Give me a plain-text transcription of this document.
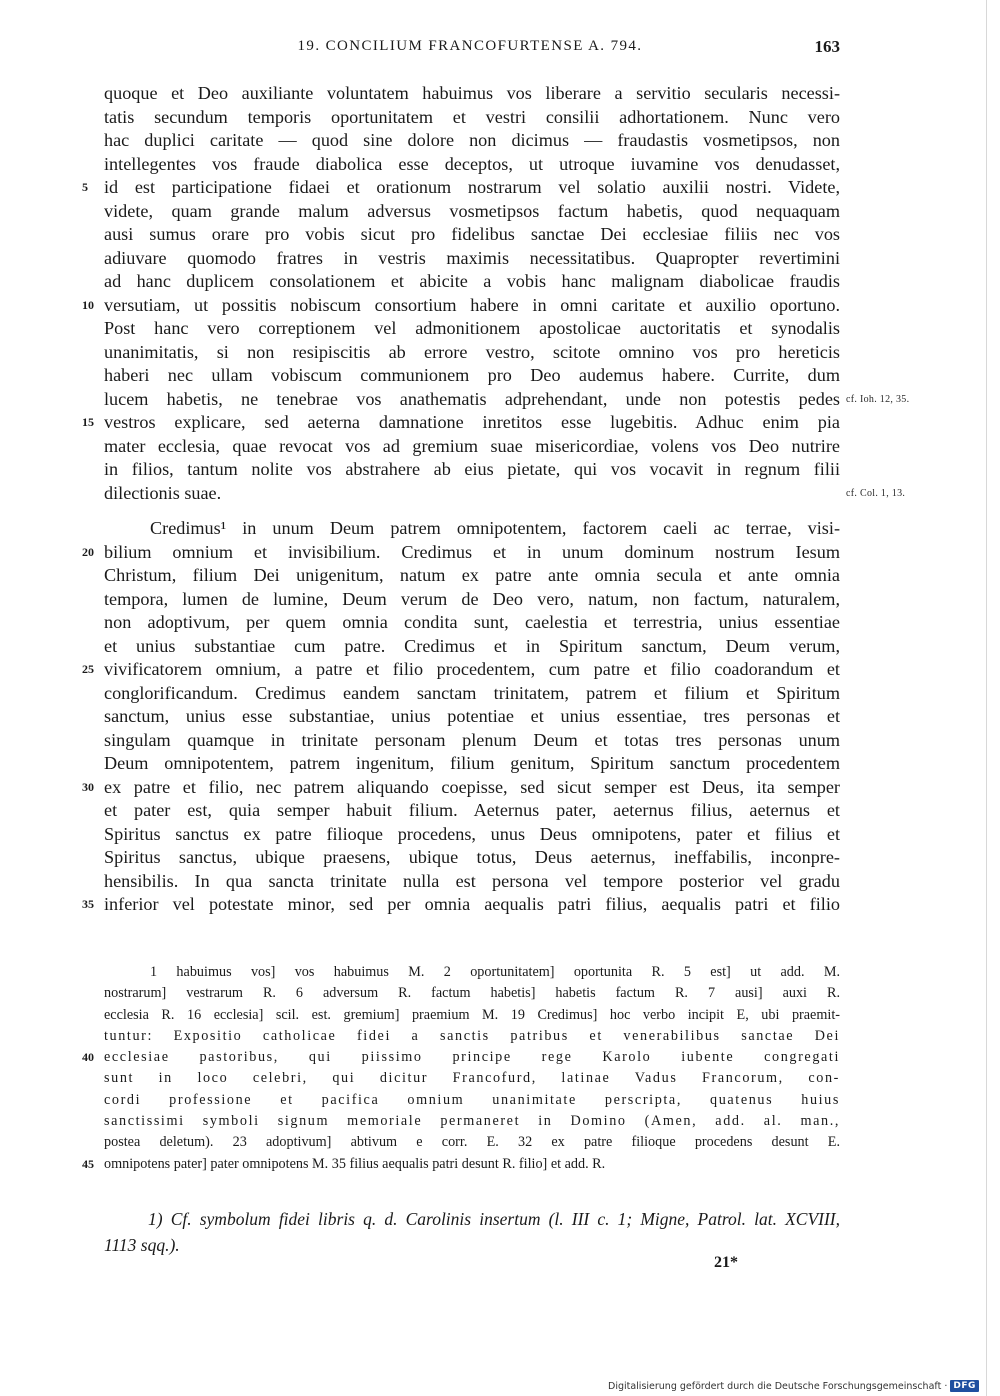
19. CONCILIUM FRANCOFURTENSE A. 794.	163
quoque et Deo auxiliante voluntatem habuimus vos liberare a servitio secularis necessi-
tatis secundum temporis oportunitatem et vestri consilii adhortationem. Nunc vero
hac duplici caritate — quod sine dolore non dicimus — fraudastis vosmetipsos, non
intellegentes vos fraude diabolica esse deceptos, ut utroque iuvamine vos denudasset,
5 id est participatione fidaei et orationum nostrarum vel solatio auxilii nostri. Videte,
videte, quam grande malum adversus vosmetipsos factum habetis, quod nequaquam
ausi sumus orare pro vobis sicut pro fidelibus sanctae Dei ecclesiae filiis nec vos
adiuvare quomodo fratres in vestris maximis necessitatibus. Quapropter revertimini
ad hanc duplicem consolationem et abicite a vobis hanc malignam diabolicae fraudis
10 versutiam, ut possitis nobiscum consortium habere in omni caritate et auxilio oportuno.
Post hanc vero correptionem vel admonitionem apostolicae auctoritatis et synodalis
unanimitatis, si non resipiscitis ab errore vestro, scitote omnino vos pro hereticis
haberi nec ullam vobiscum communionem pro Deo audemus habere. Currite, dum
lucem habetis, ne tenebrae vos anathematis adprehendant, unde non potestis pedes cf. Ioh. 12, 35.
15 vestros explicare, sed aeterna damnatione inretitos esse lugebitis. Adhuc enim pia
mater ecclesia, quae revocat vos ad gremium suae misericordiae, volens vos Deo nutrire
in filios, tantum nolite vos abstrahere ab eius pietate, qui vos vocavit in regnum filii
dilectionis suae.	cf. Col. 1, 13.
Credimus¹ in unum Deum patrem omnipotentem, factorem caeli ac terrae, visi-
20 bilium omnium et invisibilium. Credimus et in unum dominum nostrum Iesum
Christum, filium Dei unigenitum, natum ex patre ante omnia secula et ante omnia
tempora, lumen de lumine, Deum verum de Deo vero, natum, non factum, naturalem,
non adoptivum, per quem omnia condita sunt, caelestia et terrestria, unius essentiae
et unius substantiae cum patre. Credimus et in Spiritum sanctum, Deum verum,
25 vivificatorem omnium, a patre et filio procedentem, cum patre et filio coadorandum et
conglorificandum. Credimus eandem sanctam trinitatem, patrem et filium et Spiritum
sanctum, unius esse substantiae, unius potentiae et unius essentiae, tres personas et
singulam quamque in trinitate personam plenum Deum et totas tres personas unum
Deum omnipotentem, patrem ingenitum, filium genitum, Spiritum sanctum procedentem
30 ex patre et filio, nec patrem aliquando coepisse, sed sicut semper est Deus, ita semper
et pater est, quia semper habuit filium. Aeternus pater, aeternus filius, aeternus et
Spiritus sanctus ex patre filioque procedens, unus Deus omnipotens, pater et filius et
Spiritus sanctus, ubique praesens, ubique totus, Deus aeternus, ineffabilis, inconpre-
hensibilis. In qua sancta trinitate nulla est persona vel tempore posterior vel gradu
35 inferior vel potestate minor, sed per omnia aequalis patri filius, aequalis patri et filio
1 habuimus vos] vos habuimus M. 2 oportunitatem] oportunita R. 5 est] ut add. M.
nostrarum] vestrarum R. 6 adversum R. factum habetis] habetis factum R. 7 ausi] auxi R.
ecclesia R. 16 ecclesia] scil. est. gremium] praemium M. 19 Credimus] hoc verbo incipit E, ubi praemit-
tuntur: Expositio catholicae fidei a sanctis patribus et venerabilibus sanctae Dei
40 ecclesiae pastoribus, qui piissimo principe rege Karolo iubente congregati
sunt in loco celebri, qui dicitur Francofurd, latinae Vadus Francorum, con-
cordi professione et pacifica omnium unanimitate perscripta, quatenus huius
sanctissimi symboli signum memoriale permaneret in Domino (Amen, add. al. man.,
postea deletum). 23 adoptivum] abtivum e corr. E. 32 ex patre filioque procedens desunt E.
45 omnipotens pater] pater omnipotens M. 35 filius aequalis patri desunt R. filio] et add. R.
1) Cf. symbolum fidei libris q. d. Carolinis insertum (l. III c. 1; Migne, Patrol. lat. XCVIII,
1113 sqq.).
21*
Digitalisierung gefördert durch die Deutsche Forschungsgemeinschaft · DFG
